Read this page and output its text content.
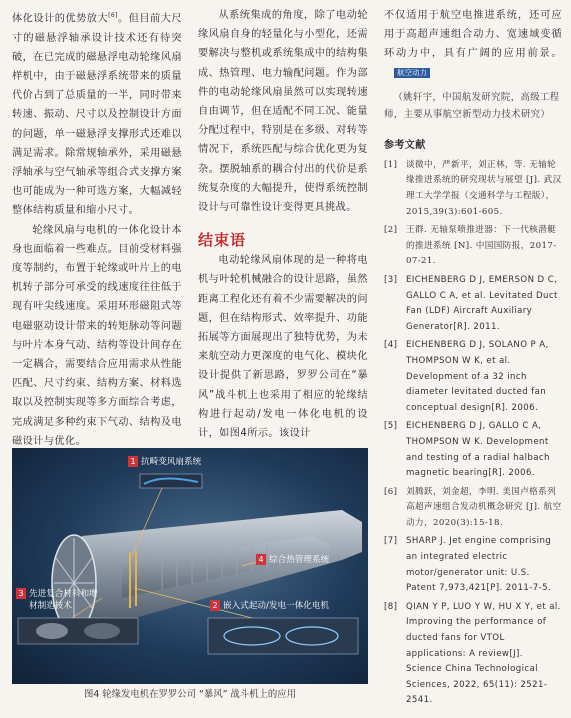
体化设计的优势放大[6]。但目前大尺寸的磁悬浮轴承设计技术还有待突破，在已完成的磁悬浮电动轮缘风扇样机中，由于磁悬浮系统带来的质量代价占到了总质量的一半，同时带来转速、振动、尺寸以及控制设计方面的问题，单一磁悬浮支撑形式还难以满足需求。除常规轴承外，采用磁悬浮轴承与空气轴承等组合式支撑方案也可能成为一种可选方案，大幅减轻整体结构质量和缩小尺寸。

轮缘风扇与电机的一体化设计本身也面临着一些难点。目前受材料强度等制约，布置于轮缘或叶片上的电机转子部分可承受的线速度往往低于现有叶尖线速度。采用环形磁阻式等电磁驱动设计带来的转矩脉动等问题与叶片本身气动、结构等设计间存在一定耦合，需要结合应用需求从性能匹配、尺寸约束、结构方案、材料选取以及控制实现等多方面综合考虑，完成满足多种约束下气动、结构及电磁设计与优化。

从系统集成的角度，除了电动轮缘风扇自身的轻量化与小型化，还需要解决与整机或系统集成中的结构集成、热管理、电力输配问题。作为部件的电动轮缘风扇虽然可以实现转速自由调节，但在适配不同工况、能量分配过程中，特别是在多级、对转等情况下，系统匹配与综合优化更为复杂。摆脱轴系的耦合付出的代价是系统复杂度的大幅提升，使得系统控制设计与可靠性设计变得更具挑战。

结束语

电动轮缘风扇体现的是一种将电机与叶轮机械融合的设计思路，虽然距离工程化还有着不少需要解决的问题，但在结构形式、效率提升、功能拓展等方面展现出了独特优势，为未来航空动力更深度的电气化、模块化设计提供了新思路，罗罗公司在“暴风”战斗机上也采用了相应的轮缘结构进行起动/发电一体化电机的设计，如图4所示。该设计

不仅适用于航空电推进系统，还可应用于高超声速组合动力、宽速域变循环动力中，具有广阔的应用前景。航空动力

（姚轩宇，中国航发研究院，高级工程师，主要从事航空新型动力技术研究）
参考文献
[1]	谈微中，严新平，刘正林，等. 无轴轮缘推进系统的研究现状与展望 [J]. 武汉理工大学学报（交通科学与工程版），2015,39(3):601-605.
[2]	王群. 无轴泵喷推进器：下一代核潜艇的推进系统 [N]. 中国国防报，2017-07-21.
[3]	EICHENBERG D J, EMERSON D C, GALLO C A, et al. Levitated Duct Fan (LDF) Aircraft Auxiliary Generator[R]. 2011.
[4]	EICHENBERG D J, SOLANO P A, THOMPSON W K, et al. Development of a 32 inch diameter levitated ducted fan conceptual design[R]. 2006.
[5]	EICHENBERG D J, GALLO C A, THOMPSON W K. Development and testing of a radial halbach magnetic bearing[R]. 2006.
[6]	刘腾跃，刘金超，李明. 美国卢格系列高超声速组合发动机概念研究 [J]. 航空动力，2020(3):15-18.
[7]	SHARP J. Jet engine comprising an integrated electric motor/generator unit: U.S. Patent 7,973,421[P]. 2011-7-5.
[8]	QIAN Y P, LUO Y W, HU X Y, et al. Improving the performance of ducted fans for VTOL applications: A review[J]. Science China Technological Sciences, 2022, 65(11): 2521-2541.
1 抗畸变风扇系统
4 综合热管理系统
3 先进复合材料和增材制造技术	2 嵌入式起动/发电一体化电机
图4 轮缘发电机在罗罗公司 “暴风” 战斗机上的应用
